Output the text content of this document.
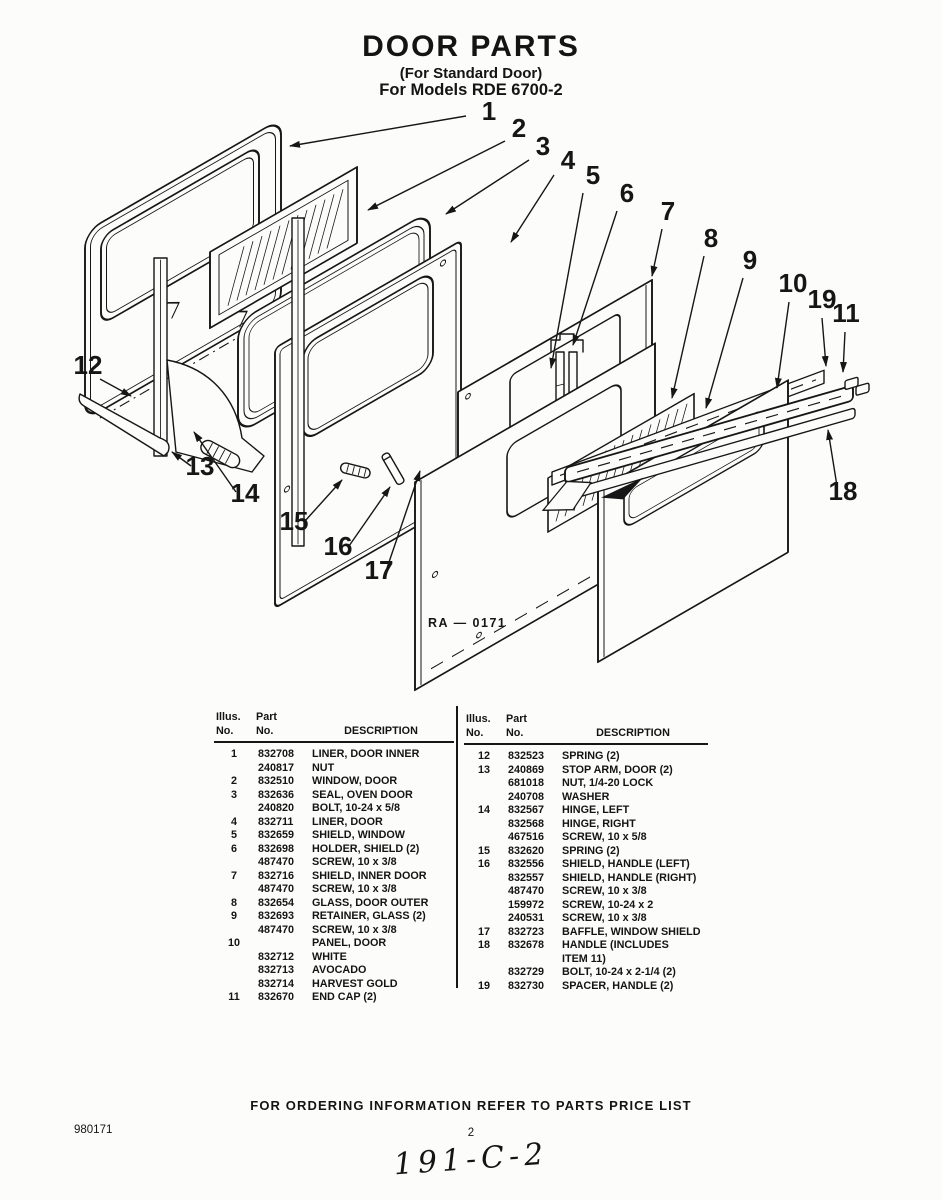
DOOR PARTS
(For Standard Door)
For Models RDE 6700-2
1
2
3 4 5
6
7
8
9
10
19
11
12
13
14
15
16
17
18
RA — 0171
Illus.	Part
No.	No.	DESCRIPTION
1	832708	LINER, DOOR INNER
240817	NUT
2	832510	WINDOW, DOOR
3	832636	SEAL, OVEN DOOR
240820	BOLT, 10-24 x 5/8
4	832711	LINER, DOOR
5	832659	SHIELD, WINDOW
6	832698	HOLDER, SHIELD (2)
487470	SCREW, 10 x 3/8
7	832716	SHIELD, INNER DOOR
487470	SCREW, 10 x 3/8
8	832654	GLASS, DOOR OUTER
9	832693	RETAINER, GLASS (2)
487470	SCREW, 10 x 3/8
10	PANEL, DOOR
832712	WHITE
832713	AVOCADO
832714	HARVEST GOLD
11	832670	END CAP (2)
Illus.	Part
No.	No.	DESCRIPTION
12	832523	SPRING (2)
13	240869	STOP ARM, DOOR (2)
681018	NUT, 1/4-20 LOCK
240708	WASHER
14	832567	HINGE, LEFT
832568	HINGE, RIGHT
467516	SCREW, 10 x 5/8
15	832620	SPRING (2)
16	832556	SHIELD, HANDLE (LEFT)
832557	SHIELD, HANDLE (RIGHT)
487470	SCREW, 10 x 3/8
159972	SCREW, 10-24 x 2
240531	SCREW, 10 x 3/8
17	832723	BAFFLE, WINDOW SHIELD
18	832678	HANDLE (INCLUDES
ITEM 11)
832729	BOLT, 10-24 x 2-1/4 (2)
19	832730	SPACER, HANDLE (2)
FOR ORDERING INFORMATION REFER TO PARTS PRICE LIST
980171	2
191-C-2
